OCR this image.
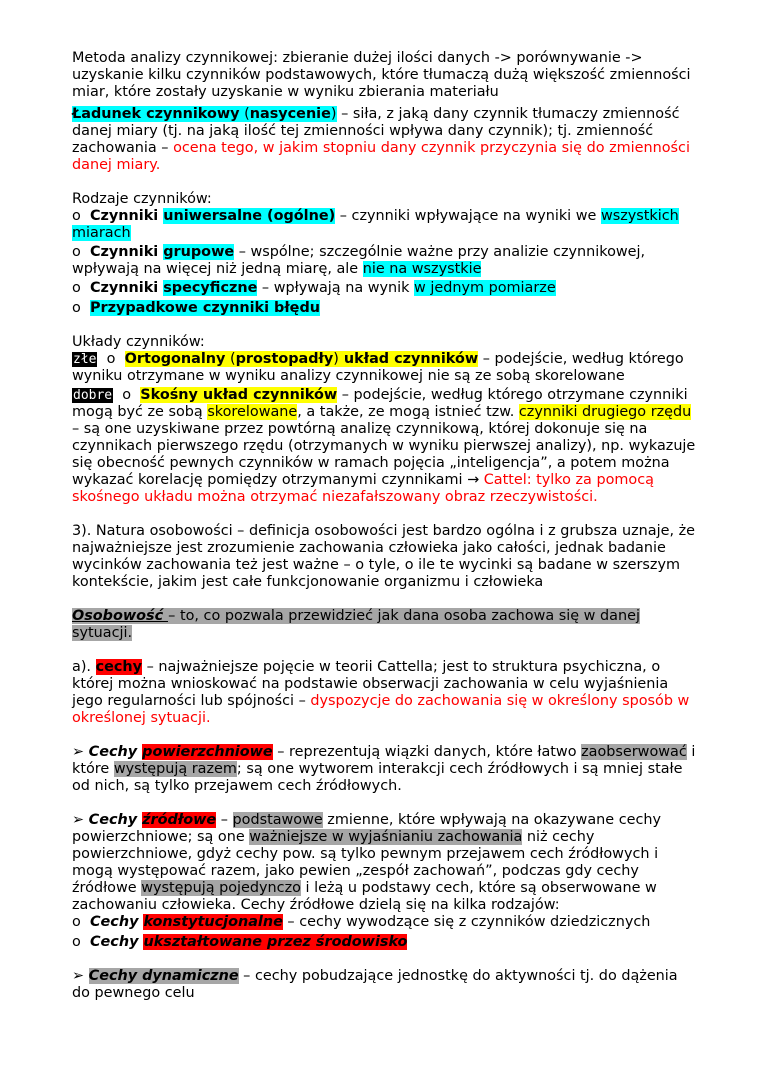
Metoda analizy czynnikowej: zbieranie dużej ilości danych -> porównywanie -> uzyskanie kilku czynników podstawowych, które tłumaczą dużą większość zmienności miar, które zostały uzyskanie w wyniku zbierania materiału

Ładunek czynnikowy (nasycenie) – siła, z jaką dany czynnik tłumaczy zmienność danej miary (tj. na jaką ilość tej zmienności wpływa dany czynnik); tj. zmienność zachowania – ocena tego, w jakim stopniu dany czynnik przyczynia się do zmienności danej miary.

Rodzaje czynników:

o Czynniki uniwersalne (ogólne) – czynniki wpływające na wyniki we wszystkich miarach

o Czynniki grupowe – wspólne; szczególnie ważne przy analizie czynnikowej, wpływają na więcej niż jedną miarę, ale nie na wszystkie

o Czynniki specyficzne – wpływają na wynik w jednym pomiarze

o Przypadkowe czynniki błędu

Układy czynników:

złe o Ortogonalny (prostopadły) układ czynników – podejście, według którego wyniku otrzymane w wyniku analizy czynnikowej nie są ze sobą skorelowane

dobre o Skośny układ czynników – podejście, według którego otrzymane czynniki mogą być ze sobą skorelowane, a także, ze mogą istnieć tzw. czynniki drugiego rzędu – są one uzyskiwane przez powtórną analizę czynnikową, której dokonuje się na czynnikach pierwszego rzędu (otrzymanych w wyniku pierwszej analizy), np. wykazuje się obecność pewnych czynników w ramach pojęcia „inteligencja”, a potem można wykazać korelację pomiędzy otrzymanymi czynnikami → Cattel: tylko za pomocą skośnego układu można otrzymać niezafałszowany obraz rzeczywistości.

3). Natura osobowości – definicja osobowości jest bardzo ogólna i z grubsza uznaje, że najważniejsze jest zrozumienie zachowania człowieka jako całości, jednak badanie wycinków zachowania też jest ważne – o tyle, o ile te wycinki są badane w szerszym kontekście, jakim jest całe funkcjonowanie organizmu i człowieka

Osobowość – to, co pozwala przewidzieć jak dana osoba zachowa się w danej sytuacji.

a). cechy – najważniejsze pojęcie w teorii Cattella; jest to struktura psychiczna, o której można wnioskować na podstawie obserwacji zachowania w celu wyjaśnienia jego regularności lub spójności – dyspozycje do zachowania się w określony sposób w określonej sytuacji.

➢ Cechy powierzchniowe – reprezentują wiązki danych, które łatwo zaobserwować i które występują razem; są one wytworem interakcji cech źródłowych i są mniej stałe od nich, są tylko przejawem cech źródłowych.

➢ Cechy źródłowe – podstawowe zmienne, które wpływają na okazywane cechy powierzchniowe; są one ważniejsze w wyjaśnianiu zachowania niż cechy powierzchniowe, gdyż cechy pow. są tylko pewnym przejawem cech źródłowych i mogą występować razem, jako pewien „zespół zachowań”, podczas gdy cechy źródłowe występują pojedynczo i leżą u podstawy cech, które są obserwowane w zachowaniu człowieka. Cechy źródłowe dzielą się na kilka rodzajów:

o Cechy konstytucjonalne – cechy wywodzące się z czynników dziedzicznych

o Cechy ukształtowane przez środowisko

➢ Cechy dynamiczne – cechy pobudzające jednostkę do aktywności tj. do dążenia do pewnego celu
